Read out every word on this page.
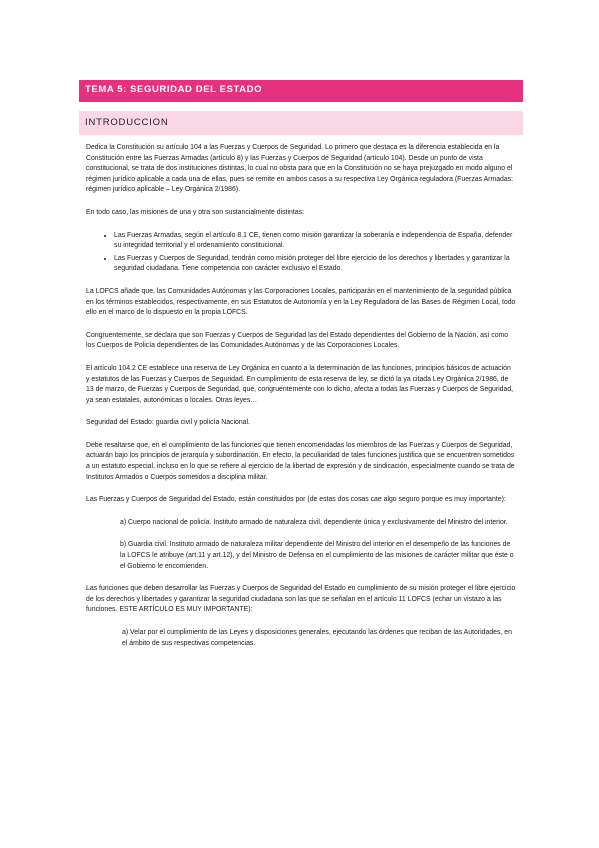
TEMA 5: SEGURIDAD DEL ESTADO
INTRODUCCION

Dedica la Constitución su artículo 104 a las Fuerzas y Cuerpos de Seguridad. Lo primero que destaca es la diferencia establecida en la Constitución entre las Fuerzas Armadas (artículo 8) y las Fuerzas y Cuerpos de Seguridad (artículo 104). Desde un punto de vista constitucional, se trata de dos instituciones distintas, lo cual no obsta para que en la Constitución no se haya prejuzgado en modo alguno el régimen jurídico aplicable a cada una de ellas, pues se remite en ambos casos a su respectiva Ley Orgánica reguladora (Fuerzas Armadas: régimen jurídico aplicable – Ley Orgánica 2/1986).

En todo caso, las misiones de una y otra son sustancialmente distintas:

• Las Fuerzas Armadas, según el artículo 8.1 CE, tienen como misión garantizar la soberanía e independencia de España, defender su integridad territorial y el ordenamiento constitucional.
• Las Fuerzas y Cuerpos de Seguridad, tendrán como misión proteger del libre ejercicio de los derechos y libertades y garantizar la seguridad ciudadana. Tiene competencia con carácter exclusivo el Estado.

La LOFCS añade que, las Comunidades Autónomas y las Corporaciones Locales, participarán en el mantenimiento de la seguridad pública en los términos establecidos, respectivamente, en sus Estatutos de Autonomía y en la Ley Reguladora de las Bases de Régimen Local, todo ello en el marco de lo dispuesto en la propia LOFCS.

Congruentemente, se declara que son Fuerzas y Cuerpos de Seguridad las del Estado dependientes del Gobierno de la Nación, así como los Cuerpos de Policía dependientes de las Comunidades Autónomas y de las Corporaciones Locales.

El artículo 104.2 CE establece una reserva de Ley Orgánica en cuanto a la determinación de las funciones, principios básicos de actuación y estatutos de las Fuerzas y Cuerpos de Seguridad. En cumplimiento de esta reserva de ley, se dictó la ya citada Ley Orgánica 2/1986, de 13 de marzo, de Fuerzas y Cuerpos de Seguridad, que, congruentemente con lo dicho, afecta a todas las Fuerzas y Cuerpos de Seguridad, ya sean estatales, autonómicas o locales. Otras leyes…

Seguridad del Estado: guardia civil y policía Nacional.

Debe resaltarse que, en el cumplimiento de las funciones que tienen encomendadas los miembros de las Fuerzas y Cuerpos de Seguridad, actuarán bajo los principios de jerarquía y subordinación. En efecto, la peculiaridad de tales funciones justifica que se encuentren sometidos a un estatuto especial, incluso en lo que se refiere al ejercicio de la libertad de expresión y de sindicación, especialmente cuando se trata de Institutos Armados o Cuerpos sometidos a disciplina militar.

Las Fuerzas y Cuerpos de Seguridad del Estado, están constituidos por (de estas dos cosas cae algo seguro porque es muy importante):

a) Cuerpo nacional de policía. Instituto armado de naturaleza civil, dependiente única y exclusivamente del Ministro del interior.

b) Guardia civil. Instituto armado de naturaleza militar dependiente del Ministro del interior en el desempeño de las funciones de la LOFCS le atribuye (art.11 y art.12), y del Ministro de Defensa en el cumplimiento de las misiones de carácter militar que éste o el Gobierno le encomienden.

Las funciones que deben desarrollar las Fuerzas y Cuerpos de Seguridad del Estado en cumplimiento de su misión proteger el libre ejercicio de los derechos y libertades y garantizar la seguridad ciudadana son las que se señalan en el artículo 11 LOFCS (echar un vistazo a las funciones. ESTE ARTÍCULO ES MUY IMPORTANTE):

a) Velar por el cumplimiento de las Leyes y disposiciones generales, ejecutando las órdenes que reciban de las Autoridades, en el ámbito de sus respectivas competencias.
